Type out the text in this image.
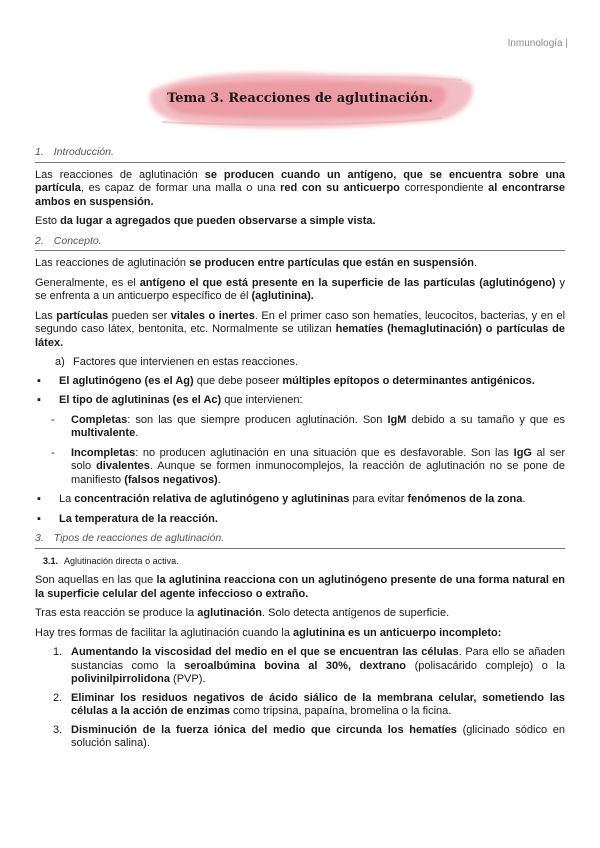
Inmunología |
Tema 3. Reacciones de aglutinación.
1. Introducción.

Las reacciones de aglutinación se producen cuando un antígeno, que se encuentra sobre una partícula, es capaz de formar una malla o una red con su anticuerpo correspondiente al encontrarse ambos en suspensión.

Esto da lugar a agregados que pueden observarse a simple vista.

2. Concepto.

Las reacciones de aglutinación se producen entre partículas que están en suspensión.

Generalmente, es el antígeno el que está presente en la superficie de las partículas (aglutinógeno) y se enfrenta a un anticuerpo específico de él (aglutinina).

Las partículas pueden ser vitales o inertes. En el primer caso son hematíes, leucocitos, bacterias, y en el segundo caso látex, bentonita, etc. Normalmente se utilizan hematíes (hemaglutinación) o partículas de látex.

a) Factores que intervienen en estas reacciones.
▪	El aglutinógeno (es el Ag) que debe poseer múltiples epítopos o determinantes antigénicos.
▪	El tipo de aglutininas (es el Ac) que intervienen:
-	Completas: son las que siempre producen aglutinación. Son IgM debido a su tamaño y que es multivalente.
-	Incompletas: no producen aglutinación en una situación que es desfavorable. Son las IgG al ser solo divalentes. Aunque se formen inmunocomplejos, la reacción de aglutinación no se pone de manifiesto (falsos negativos).
▪	La concentración relativa de aglutinógeno y aglutininas para evitar fenómenos de la zona.
▪	La temperatura de la reacción.
3. Tipos de reacciones de aglutinación.
3.1. Aglutinación directa o activa.

Son aquellas en las que la aglutinina reacciona con un aglutinógeno presente de una forma natural en la superficie celular del agente infeccioso o extraño.

Tras esta reacción se produce la aglutinación. Solo detecta antígenos de superficie.

Hay tres formas de facilitar la aglutinación cuando la aglutinina es un anticuerpo incompleto:

1. Aumentando la viscosidad del medio en el que se encuentran las células. Para ello se añaden sustancias como la seroalbúmina bovina al 30%, dextrano (polisacárido complejo) o la polivinilpirrolidona (PVP).
2. Eliminar los residuos negativos de ácido siálico de la membrana celular, sometiendo las células a la acción de enzimas como tripsina, papaína, bromelina o la ficina.
3. Disminución de la fuerza iónica del medio que circunda los hematíes (glicinado sódico en solución salina).
